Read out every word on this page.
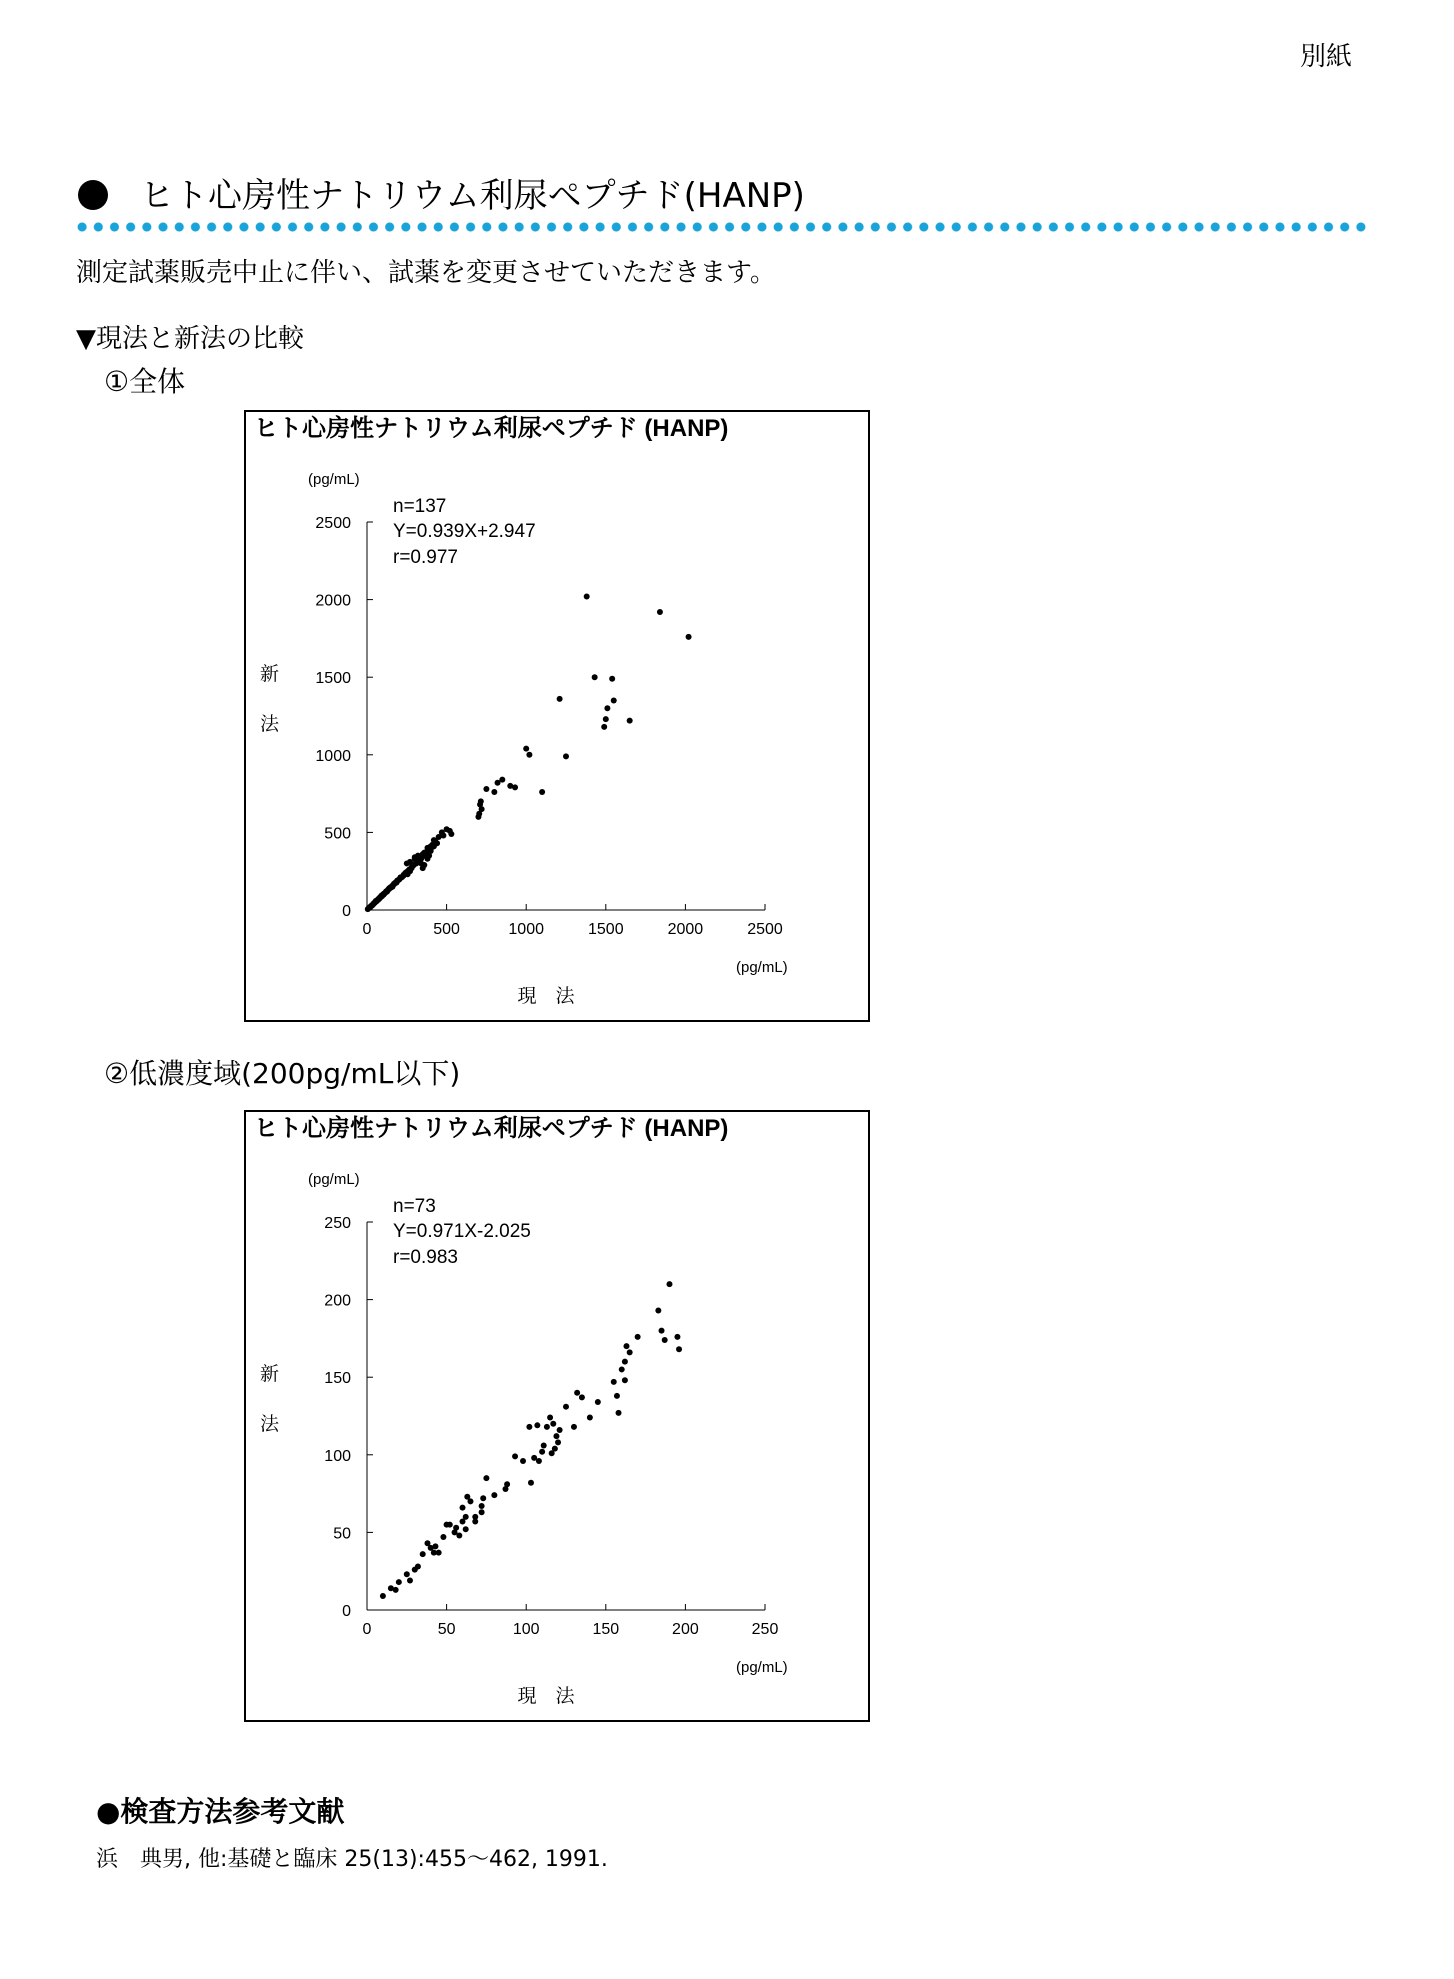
別紙
ヒト心房性ナトリウム利尿ペプチド(HANP)
測定試薬販売中止に伴い、試薬を変更させていただきます。
▼現法と新法の比較
①全体
ヒト心房性ナトリウム利尿ペプチド (HANP)
(pg/mL)
(pg/mL)
現　法
新
法
n=137
Y=0.939X+2.947
r=0.977
0
500
1000
1500
2000
2500
0	500	1000	1500	2000	2500
②低濃度域(200pg/mL以下)
ヒト心房性ナトリウム利尿ペプチド (HANP)
(pg/mL)
(pg/mL)
現　法
新
法
n=73
Y=0.971X-2.025
r=0.983
0
50
100
150
200
250
0	50	100	150	200	250
●検査方法参考文献
浜　典男, 他:基礎と臨床 25(13):455～462, 1991.
